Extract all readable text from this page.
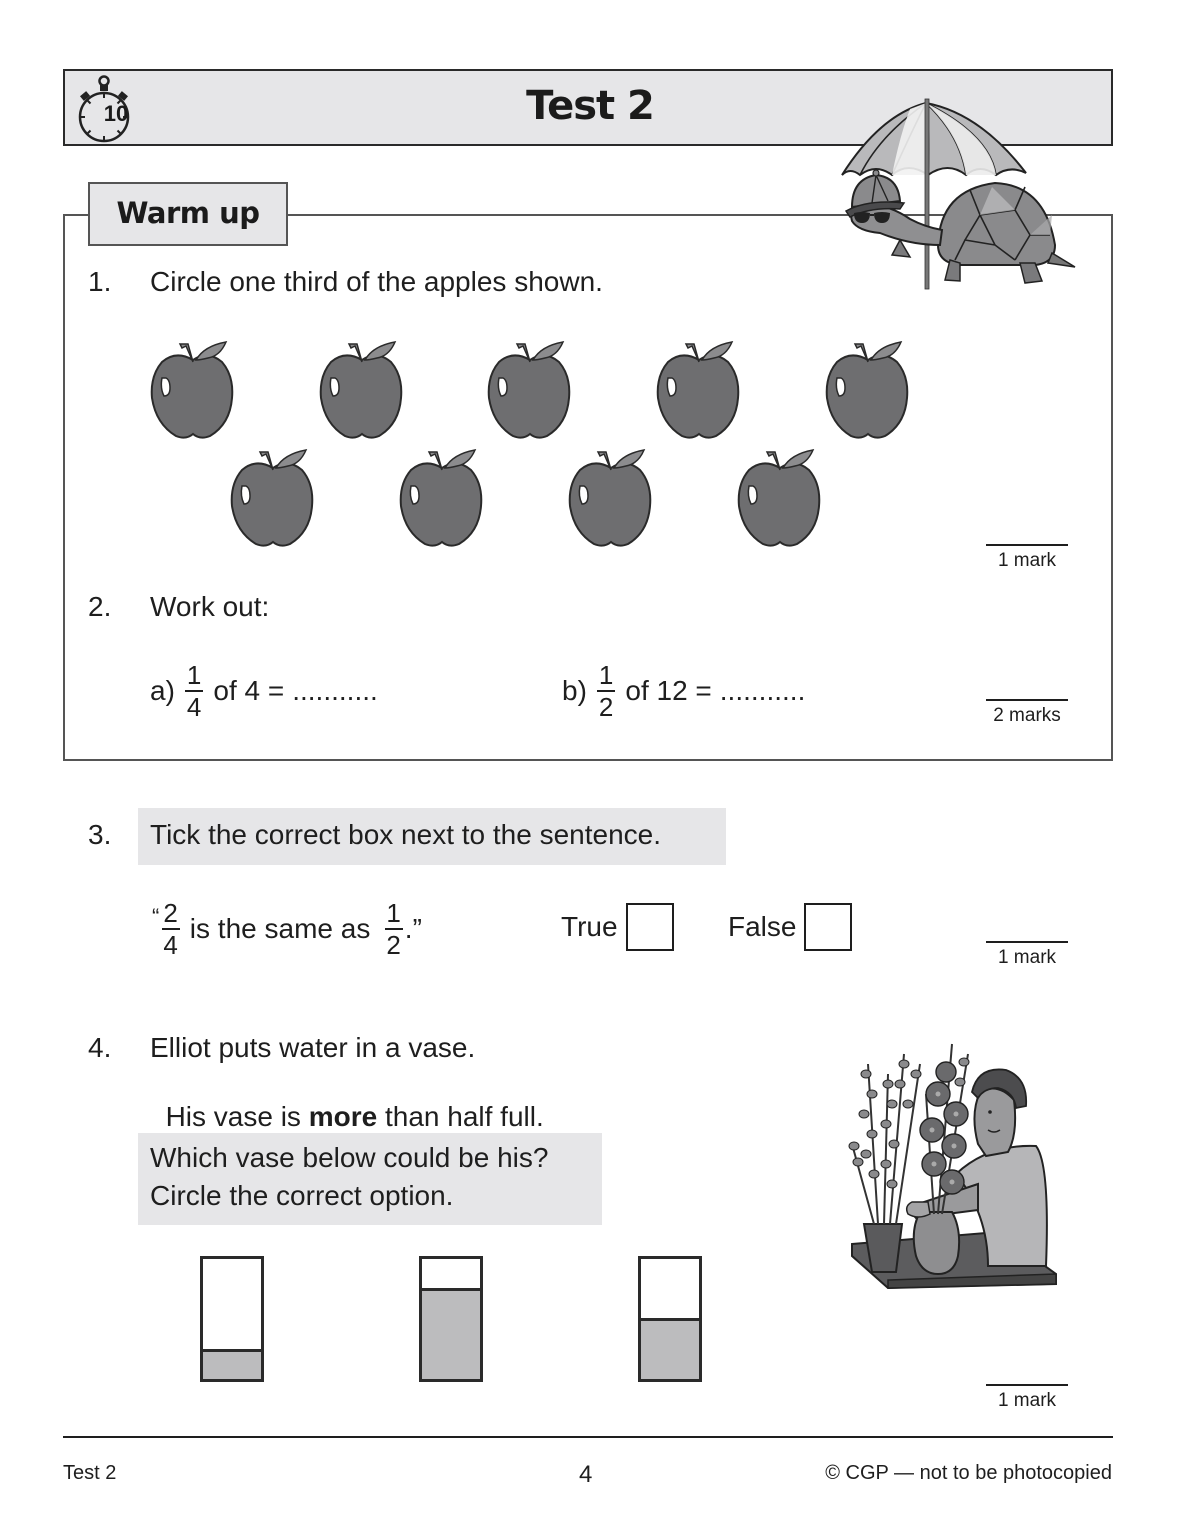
10	Test 2
Warm up
1. Circle one third of the apples shown.
1 mark
2. Work out:
$a) \frac{1}{4}$ of 4 = ...........	$b) \frac{1}{2}$ of 12 = ...........
2 marks
3. Tick the correct box next to the sentence.
“ $\frac{2}{4}$ is the same as $\frac{1}{2}$ .”	True	False
1 mark
4. Elliot puts water in a vase.

His vase is more than half full.

Which vase below could be his?
Circle the correct option.
1 mark
Test 2	4	© CGP — not to be photocopied
